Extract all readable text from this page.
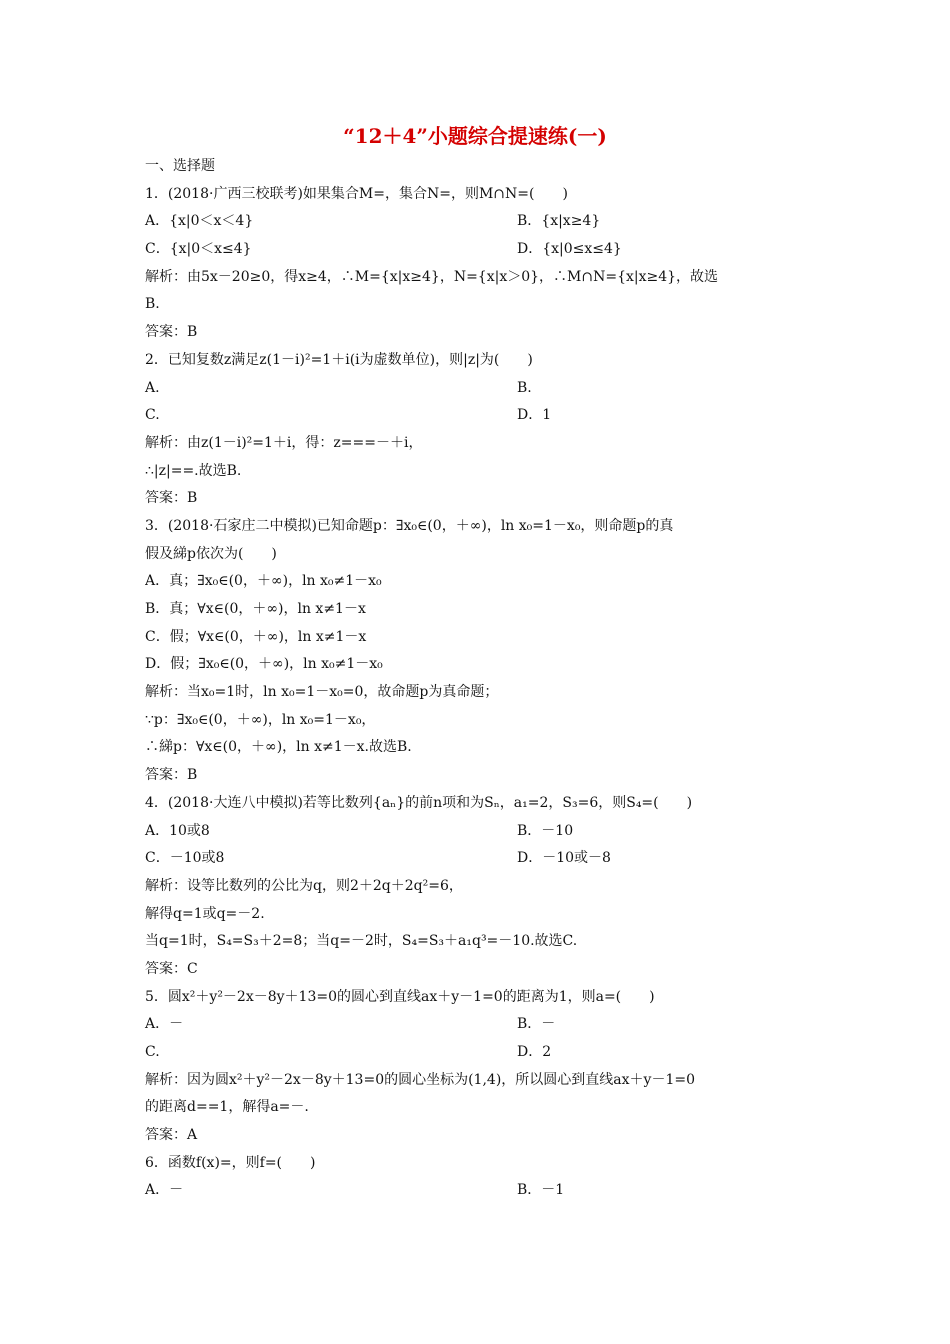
“12＋4”小题综合提速练(一)
一、选择题
1．(2018·广西三校联考)如果集合M=，集合N=，则M∩N=(　　)
A．{x|0＜x＜4}	B．{x|x≥4}
C．{x|0＜x≤4}	D．{x|0≤x≤4}
解析：由5x－20≥0，得x≥4，∴M={x|x≥4}，N={x|x＞0}，∴M∩N={x|x≥4}，故选
B.
答案：B
2．已知复数z满足z(1－i)²=1＋i(i为虚数单位)，则|z|为(　　)
A.	B.
C.	D．1
解析：由z(1－i)²=1＋i，得：z===－＋i，
∴|z|==.故选B.
答案：B
3．(2018·石家庄二中模拟)已知命题p：∃x₀∈(0，＋∞)，ln x₀=1－x₀，则命题p的真
假及綈p依次为(　　)
A．真；∃x₀∈(0，＋∞)，ln x₀≠1－x₀
B．真；∀x∈(0，＋∞)，ln x≠1－x
C．假；∀x∈(0，＋∞)，ln x≠1－x
D．假；∃x₀∈(0，＋∞)，ln x₀≠1－x₀
解析：当x₀=1时，ln x₀=1－x₀=0，故命题p为真命题；
∵p：∃x₀∈(0，＋∞)，ln x₀=1－x₀，
∴綈p：∀x∈(0，＋∞)，ln x≠1－x.故选B.
答案：B
4．(2018·大连八中模拟)若等比数列{aₙ}的前n项和为Sₙ，a₁=2，S₃=6，则S₄=(　　)
A．10或8	B．－10
C．－10或8	D．－10或－8
解析：设等比数列的公比为q，则2＋2q＋2q²=6，
解得q=1或q=－2.
当q=1时，S₄=S₃＋2=8；当q=－2时，S₄=S₃＋a₁q³=－10.故选C.
答案：C
5．圆x²＋y²－2x－8y＋13=0的圆心到直线ax＋y－1=0的距离为1，则a=(　　)
A．－	B．－
C.	D．2
解析：因为圆x²＋y²－2x－8y＋13=0的圆心坐标为(1,4)，所以圆心到直线ax＋y－1=0
的距离d==1，解得a=－.
答案：A
6．函数f(x)=，则f=(　　)
A．－	B．－1
